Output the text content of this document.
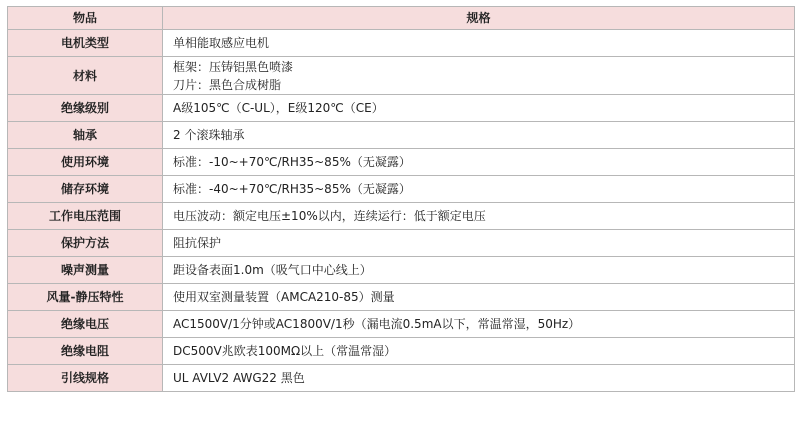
物品	规格
电机类型	单相能取感应电机

材料	框架：压铸铝黑色喷漆
刀片：黑色合成树脂

绝缘级别	A级105℃（C-UL），E级120℃（CE）

轴承	2 个滚珠轴承

使用环境	标准：-10~+70℃/RH35~85%（无凝露）

储存环境	标准：-40~+70℃/RH35~85%（无凝露）

工作电压范围	电压波动：额定电压±10%以内，连续运行：低于额定电压

保护方法	阻抗保护

噪声测量	距设备表面1.0m（吸气口中心线上）

风量-静压特性	使用双室测量装置（AMCA210-85）测量

绝缘电压	AC1500V/1分钟或AC1800V/1秒（漏电流0.5mA以下，常温常湿，50Hz）

绝缘电阻	DC500V兆欧表100MΩ以上（常温常湿）

引线规格	UL AVLV2 AWG22 黑色
